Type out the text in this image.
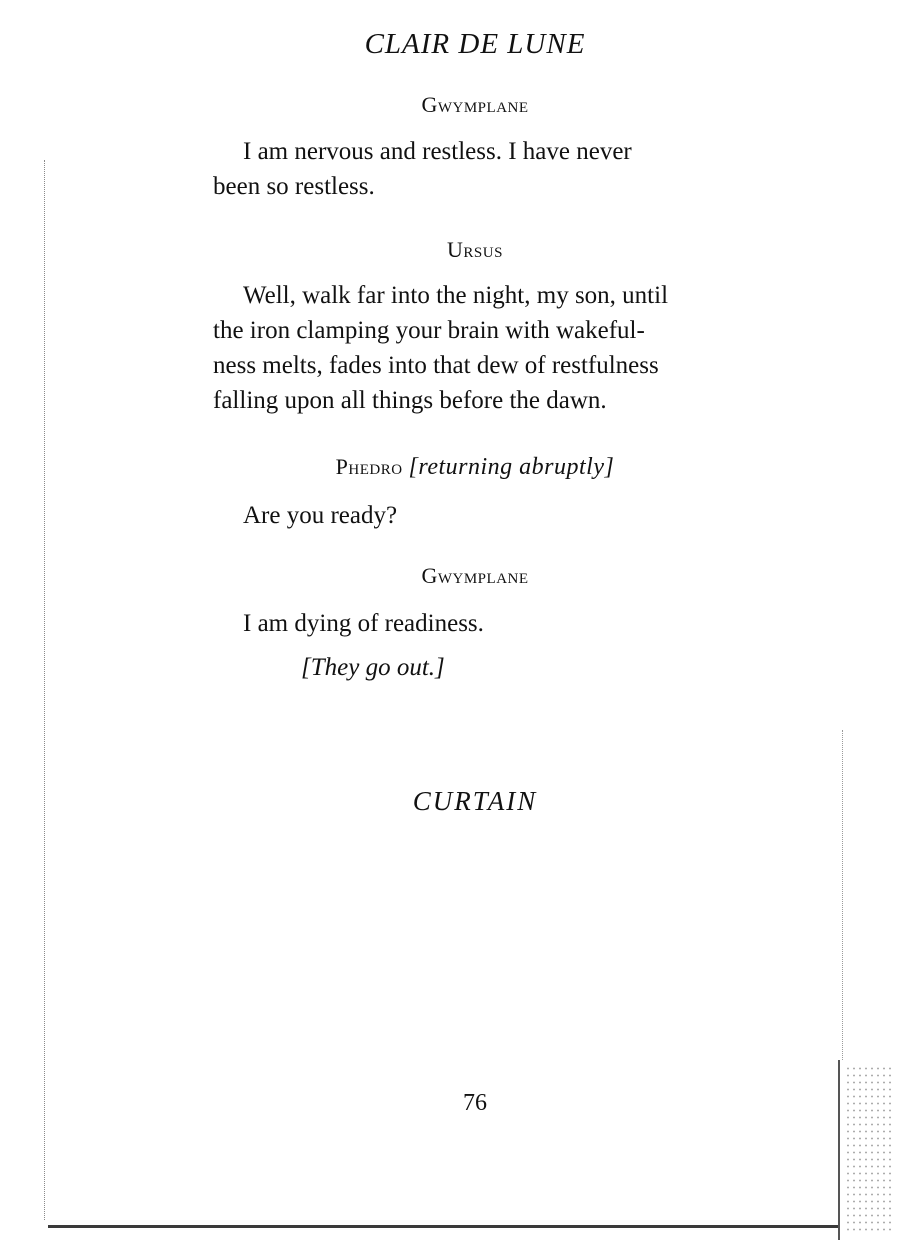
CLAIR DE LUNE
Gwymplane
I am nervous and restless. I have never
been so restless.
Ursus
Well, walk far into the night, my son, until
the iron clamping your brain with wakeful-
ness melts, fades into that dew of restfulness
falling upon all things before the dawn.
Phedro [returning abruptly]
Are you ready?
Gwymplane
I am dying of readiness.
[They go out.]
CURTAIN
76
